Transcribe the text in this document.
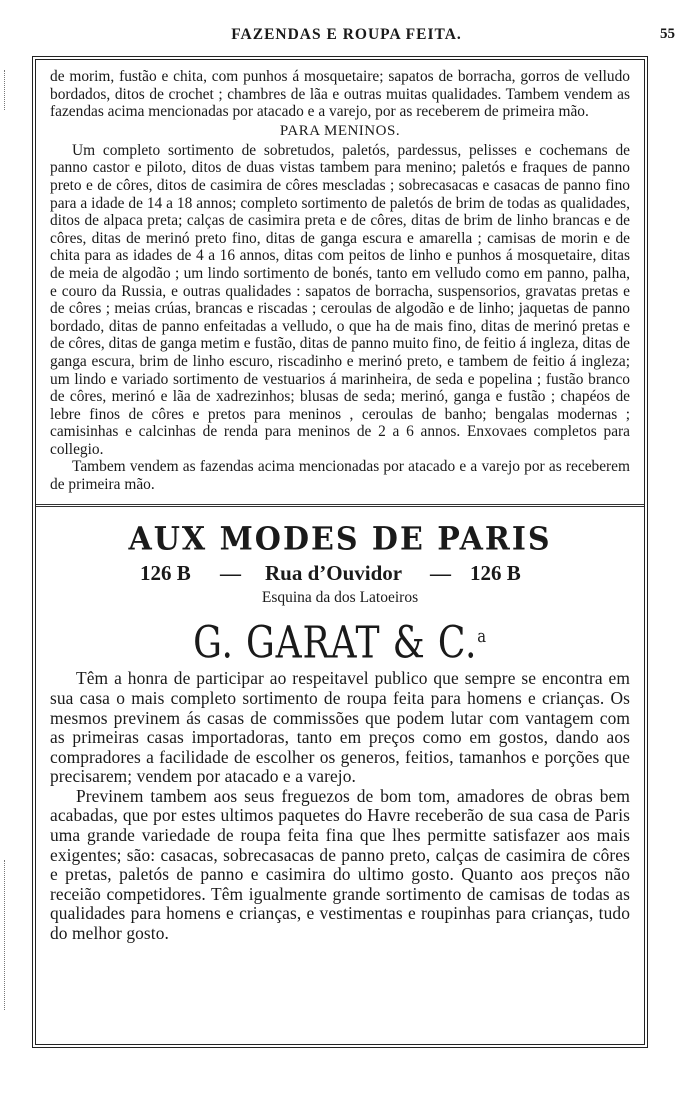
FAZENDAS E ROUPA FEITA.	55

de morim, fustão e chita, com punhos á mosquetaire; sapatos de borracha, gorros de velludo bordados, ditos de crochet ; chambres de lãa e outras muitas qualidades. Tambem vendem as fazendas acima mencionadas por atacado e a varejo, por as receberem de primeira mão.

PARA MENINOS.

Um completo sortimento de sobretudos, paletós, pardessus, pelisses e cochemans de panno castor e piloto, ditos de duas vistas tambem para menino; paletós e fraques de panno preto e de côres, ditos de casimira de côres mescladas ; sobrecasacas e casacas de panno fino para a idade de 14 a 18 annos; completo sortimento de paletós de brim de todas as qualidades, ditos de alpaca preta; calças de casimira preta e de côres, ditas de brim de linho brancas e de côres, ditas de merinó preto fino, ditas de ganga escura e amarella ; camisas de morin e de chita para as idades de 4 a 16 annos, ditas com peitos de linho e punhos á mosquetaire, ditas de meia de algodão ; um lindo sortimento de bonés, tanto em velludo como em panno, palha, e couro da Russia, e outras qualidades : sapatos de borracha, suspensorios, gravatas pretas e de côres ; meias crúas, brancas e riscadas ; ceroulas de algodão e de linho; jaquetas de panno bordado, ditas de panno enfeitadas a velludo, o que ha de mais fino, ditas de merinó pretas e de côres, ditas de ganga metim e fustão, ditas de panno muito fino, de feitio á ingleza, ditas de ganga escura, brim de linho escuro, riscadinho e merinó preto, e tambem de feitio á ingleza; um lindo e variado sortimento de vestuarios á marinheira, de seda e popelina ; fustão branco de côres, merinó e lãa de xadrezinhos; blusas de seda; merinó, ganga e fustão ; chapéos de lebre finos de côres e pretos para meninos , ceroulas de banho; bengalas modernas ; camisinhas e calcinhas de renda para meninos de 2 a 6 annos. Enxovaes completos para collegio.

Tambem vendem as fazendas acima mencionadas por atacado e a varejo por as receberem de primeira mão.

AUX MODES DE PARIS
126 B — Rua d’Ouvidor — 126 B
Esquina da dos Latoeiros
G. GARAT & C.$^a$

Têm a honra de participar ao respeitavel publico que sempre se encontra em sua casa o mais completo sortimento de roupa feita para homens e crianças. Os mesmos previnem ás casas de commissões que podem lutar com vantagem com as primeiras casas importadoras, tanto em preços como em gostos, dando aos compradores a facilidade de escolher os generos, feitios, tamanhos e porções que precisarem; vendem por atacado e a varejo.

Previnem tambem aos seus freguezos de bom tom, amadores de obras bem acabadas, que por estes ultimos paquetes do Havre receberão de sua casa de Paris uma grande variedade de roupa feita fina que lhes permitte satisfazer aos mais exigentes; são: casacas, sobrecasacas de panno preto, calças de casimira de côres e pretas, paletós de panno e casimira do ultimo gosto. Quanto aos preços não receião competidores. Têm igualmente grande sortimento de camisas de todas as qualidades para homens e crianças, e vestimentas e roupinhas para crianças, tudo do melhor gosto.
